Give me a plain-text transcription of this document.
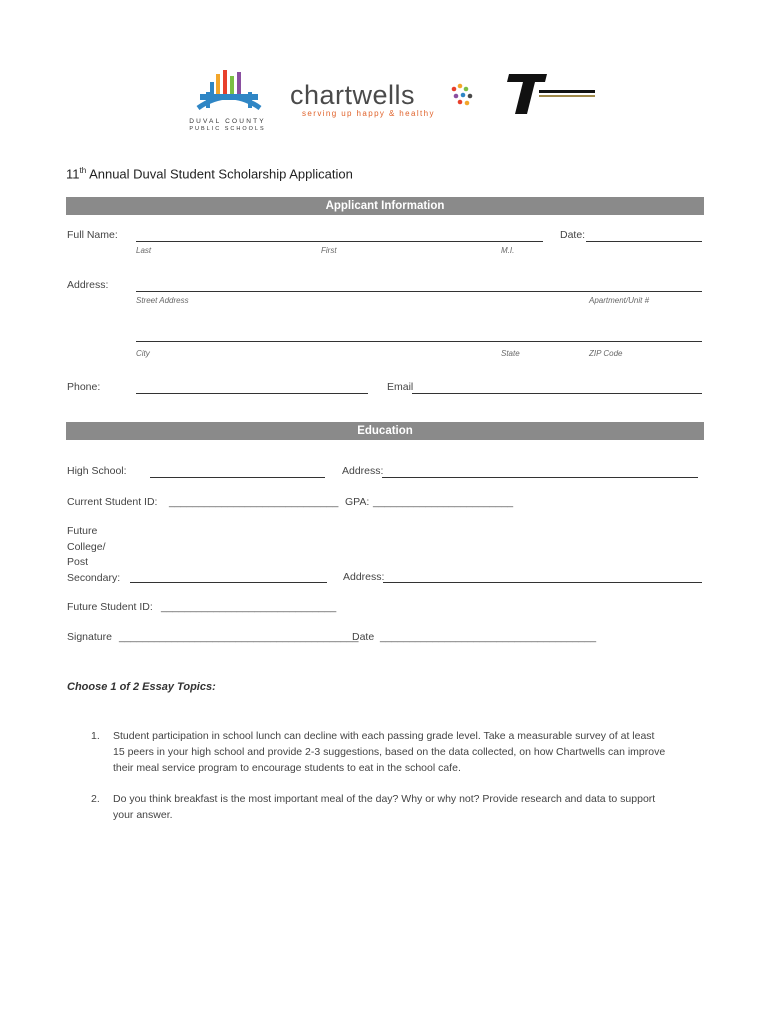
DUVAL COUNTY
PUBLIC SCHOOLS
chartwells
serving up happy & healthy
11th Annual Duval Student Scholarship Application
Applicant Information
Full Name:	Date:
Last	First	M.I.
Address:
Street Address	Apartment/Unit #
City	State	ZIP Code
Phone:	Email
Education
High School:	Address:
Current Student ID: _____________________________ GPA: ________________________
Future
College/
Post
Secondary:	Address:
Future Student ID: ______________________________
Signature _________________________________________
Date _____________________________________
Choose 1 of 2 Essay Topics:
1. Student participation in school lunch can decline with each passing grade level. Take a measurable survey of at least
15 peers in your high school and provide 2-3 suggestions, based on the data collected, on how Chartwells can improve
their meal service program to encourage students to eat in the school cafe.
2. Do you think breakfast is the most important meal of the day? Why or why not? Provide research and data to support
your answer.
